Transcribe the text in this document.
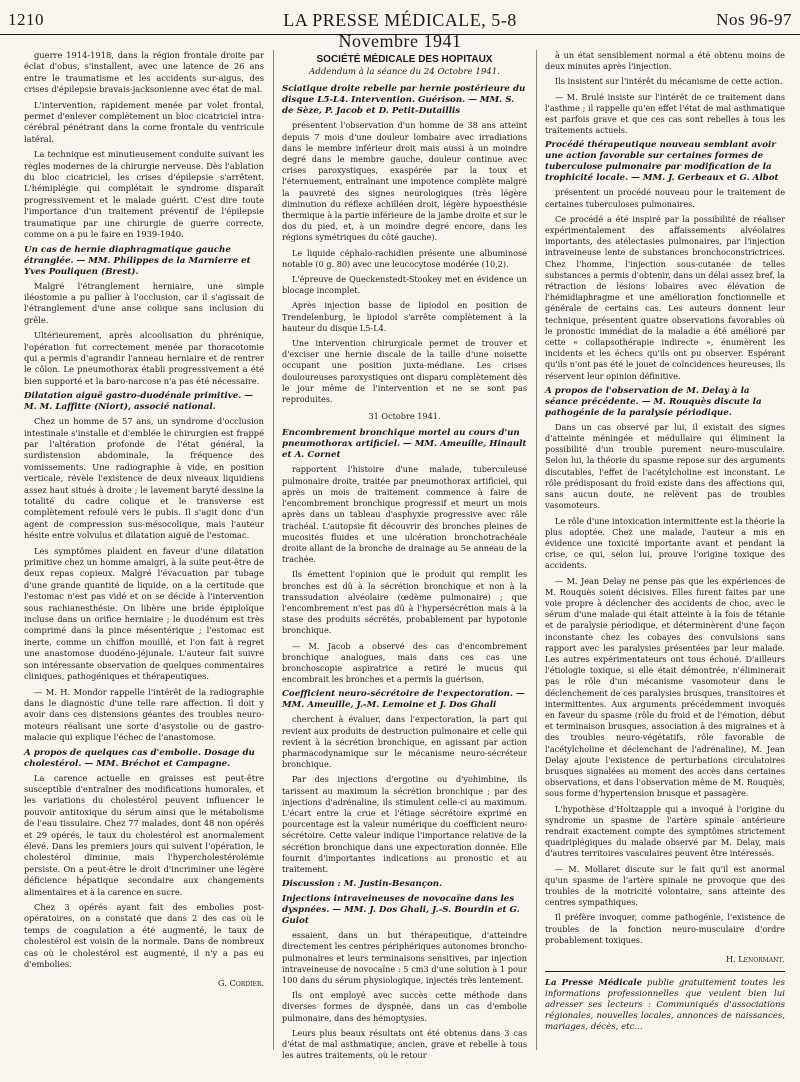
1210	LA PRESSE MÉDICALE, 5-8 Novembre 1941
Nos 96-97

guerre 1914-1918, dans la région frontale droite par éclat d'obus, s'installent, avec une latence de 26 ans entre le traumatisme et les accidents sur-aigus, des crises d'épilepsie bravais-jacksonienne avec état de mal.

L'intervention, rapidement menée par volet frontal, permet d'enlever complètement un bloc cicatriciel intra-cérébral pénétrant dans la corne frontale du ventricule latéral.

La technique est minutieusement conduite suivant les règles modernes de la chirurgie nerveuse. Dès l'ablation du bloc cicatriciel, les crises d'épilepsie s'arrêtent. L'hémiplégie qui complétait le syndrome disparaît progressivement et le malade guérit. C'est dire toute l'importance d'un traitement préventif de l'épilepsie traumatique par une chirurgie de guerre correcte, comme on a pu le faire en 1939-1940.

Un cas de hernie diaphragmatique gauche étranglée. — MM. Philippes de la Marnierre et Yves Pouliquen (Brest).

Malgré l'étranglement herniaire, une simple iléostomie a pu pallier à l'occlusion, car il s'agissait de l'étranglement d'une anse colique sans inclusion du grêle.

Ultérieurement, après alcoolisation du phrénique, l'opération fut correctement menée par thoracotomie qui a permis d'agrandir l'anneau herniaire et de rentrer le côlon. Le pneumothorax établi progressivement a été bien supporté et la baro-narcose n'a pas été nécessaire.

Dilatation aiguë gastro-duodénale primitive. — M. M. Laffitte (Niort), associé national.

Chez un homme de 57 ans, un syndrome d'occlusion intestinale s'installe et d'emblée le chirurgien est frappé par l'altération profonde de l'état général, la surdistension abdominale, la fréquence des vomissements. Une radiographie à vide, en position verticale, révèle l'existence de deux niveaux liquidiens assez haut situés à droite ; le lavement baryté dessine la totalité du cadre colique et le transverse est complètement refoulé vers le pubis. Il s'agit donc d'un agent de compression sus-mésocolique, mais l'auteur hésite entre volvulus et dilatation aiguë de l'estomac.

Les symptômes plaident en faveur d'une dilatation primitive chez un homme amaigri, à la suite peut-être de deux repas copieux. Malgré l'évacuation par tubage d'une grande quantité de liquide, on a la certitude que l'estomac n'est pas vidé et on se décide à l'intervention sous rachianesthésie. On libère une bride épiploïque incluse dans un orifice herniaire ; le duodénum est très comprimé dans la pince mésentérique ; l'estomac est inerte, comme un chiffon mouillé, et l'on fait à regret une anastomose duodéno-jéjunale. L'auteur fait suivre son intéressante observation de quelques commentaires cliniques, pathogéniques et thérapeutiques.

— M. H. Mondor rappelle l'intérêt de la radiographie dans le diagnostic d'une telle rare affection. Il doit y avoir dans ces distensions géantes des troubles neuro-moteurs réalisant une sorte d'asystolie ou de gastro-malacie qui explique l'échec de l'anastomose.

A propos de quelques cas d'embolie. Dosage du cholestérol. — MM. Bréchot et Campagne.

La carence actuelle en graisses est peut-être susceptible d'entraîner des modifications humorales, et les variations du cholestérol peuvent influencer le pouvoir antitoxique du sérum ainsi que le métabolisme de l'eau tissulaire. Chez 77 malades, dont 48 non opérés et 29 opérés, le taux du cholestérol est anormalement élevé. Dans les premiers jours qui suivent l'opération, le cholestérol diminue, mais l'hypercholestérolémie persiste. On a peut-être le droit d'incriminer une légère déficience hépatique secondaire aux changements alimentaires et à la carence en sucre.

Chez 3 opérés ayant fait des embolies post-opératoires, on a constaté que dans 2 des cas où le temps de coagulation a été augmenté, le taux de cholestérol est voisin de la normale. Dans de nombreux cas où le cholestérol est augmenté, il n'y a pas eu d'embolies.

G. Cordier.
SOCIÉTÉ MÉDICALE DES HOPITAUX
Addendum à la séance du 24 Octobre 1941.
Sciatique droite rebelle par hernie postérieure du disque L5-L4. Intervention. Guérison. — MM. S. de Sèze, P. Jacob et D. Petit-Dutaillis

présentent l'observation d'un homme de 38 ans atteint depuis 7 mois d'une douleur lombaire avec irradiations dans le membre inférieur droit mais aussi à un moindre degré dans le membre gauche, douleur continue avec crises paroxystiques, exaspérée par la toux et l'éternuement, entraînant une impotence complète malgré la pauvreté des signes neurologiques (très légère diminution du réflexe achilléen droit, légère hypoesthésie thermique à la partie inférieure de la jambe droite et sur le dos du pied, et, à un moindre degré encore, dans les régions symétriques du côté gauche).

Le liquide céphalo-rachidien présente une albuminose notable (0 g. 80) avec une leucocytose modérée (10,2).

L'épreuve de Queckenstedt-Stookey met en évidence un blocage incomplet.

Après injection basse de lipiodol en position de Trendelenburg, le lipiodol s'arrête complètement à la hauteur du disque L5-L4.

Une intervention chirurgicale permet de trouver et d'exciser une hernie discale de la taille d'une noisette occupant une position juxta-médiane. Les crises douloureuses paroxystiques ont disparu complètement dès le jour même de l'intervention et ne se sont pas reproduites.

31 Octobre 1941.
Encombrement bronchique mortel au cours d'un pneumothorax artificiel. — MM. Ameuille, Hinault et A. Cornet

rapportent l'histoire d'une malade, tuberculeuse pulmonaire droite, traitée par pneumothorax artificiel, qui après un mois de traitement commence à faire de l'encombrement bronchique progressif et meurt un mois après dans un tableau d'asphyxie progressive avec râle trachéal. L'autopsie fit découvrir des bronches pleines de mucosités fluides et une ulcération bronchotrachéale droite allant de la bronche de drainage au 5e anneau de la trachée.

Ils émettent l'opinion que le produit qui remplit les bronches est dû à la sécrétion bronchique et non à la transsudation alvéolaire (œdème pulmonaire) ; que l'encombrement n'est pas dû à l'hypersécrétion mais à la stase des produits sécrétés, probablement par hypotonie bronchique.

— M. Jacob a observé des cas d'encombrement bronchique analogues, mais dans ces cas une bronchoscopie aspiratrice a retiré le mucus qui encombrait les bronches et a permis la guérison.

Coefficient neuro-sécrétoire de l'expectoration. — MM. Ameuille, J.-M. Lemoine et J. Dos Ghali

cherchent à évaluer, dans l'expectoration, la part qui revient aux produits de destruction pulmonaire et celle qui revient à la sécrétion bronchique, en agissant par action pharmacodynamique sur le mécanisme neuro-sécréteur bronchique.

Par des injections d'ergotine ou d'yohimbine, ils tarissent au maximum la sécrétion bronchique ; par des injections d'adrénaline, ils stimulent celle-ci au maximum. L'écart entre la crue et l'étiage sécrétoire exprimé en pourcentage est la valeur numérique du coefficient neuro-sécrétoire. Cette valeur indique l'importance relative de la sécrétion bronchique dans une expectoration donnée. Elle fournit d'importantes indications au pronostic et au traitement.

Discussion : M. Justin-Besançon.
Injections intraveineuses de novocaïne dans les dyspnées. — MM. J. Dos Ghali, J.-S. Bourdin et G. Guiot

essaient, dans un but thérapeutique, d'atteindre directement les centres périphériques autonomes broncho-pulmonaires et leurs terminaisons sensitives, par injection intraveineuse de novocaïne : 5 cm3 d'une solution à 1 pour 100 dans du sérum physiologique, injectés très lentement.

Ils ont employé avec succès cette méthode dans diverses formes de dyspnée, dans un cas d'embolie pulmonaire, dans des hémoptysies.

Leurs plus beaux résultats ont été obtenus dans 3 cas d'état de mal asthmatique, ancien, grave et rebelle à tous les autres traitements, où le retour

à un état sensiblement normal a été obtenu moins de deux minutes après l'injection.

Ils insistent sur l'intérêt du mécanisme de cette action.

— M. Brulé insiste sur l'intérêt de ce traitement dans l'asthme ; il rappelle qu'en effet l'état de mal asthmatique est parfois grave et que ces cas sont rebelles à tous les traitements actuels.

Procédé thérapeutique nouveau semblant avoir une action favorable sur certaines formes de tuberculose pulmonaire par modification de la trophicité locale. — MM. J. Gerbeaux et G. Albot

présentent un procédé nouveau pour le traitement de certaines tuberculoses pulmonaires.

Ce procédé a été inspiré par la possibilité de réaliser expérimentalement des affaissements alvéolaires importants, des atélectasies pulmonaires, par l'injection intraveineuse lente de substances bronchoconstrictrices. Chez l'homme, l'injection sous-cutanée de telles substances a permis d'obtenir, dans un délai assez bref, la rétraction de lésions lobaires avec élévation de l'hémidiaphragme et une amélioration fonctionnelle et générale de certains cas. Les auteurs donnent leur technique, présentent quatre observations favorables où le pronostic immédiat de la maladie a été amélioré par cette « collapsothérapie indirecte », énumèrent les incidents et les échecs qu'ils ont pu observer. Espérant qu'ils n'ont pas été le jouet de coïncidences heureuses, ils réservent leur opinion définitive.

A propos de l'observation de M. Delay à la séance précédente. — M. Rouquès discute la pathogénie de la paralysie périodique.

Dans un cas observé par lui, il existait des signes d'atteinte méningée et médullaire qui éliminent la possibilité d'un trouble purement neuro-musculaire. Selon lui, la théorie du spasme repose sur des arguments discutables, l'effet de l'acétylcholine est inconstant. Le rôle prédisposant du froid existe dans des affections qui, sans aucun doute, ne relèvent pas de troubles vasomoteurs.

Le rôle d'une intoxication intermittente est la théorie la plus adoptée. Chez une malade, l'auteur a mis en évidence une toxicité importante avant et pendant la crise, ce qui, selon lui, prouve l'origine toxique des accidents.

— M. Jean Delay ne pense pas que les expériences de M. Rouquès soient décisives. Elles furent faites par une voie propre à déclencher des accidents de choc, avec le sérum d'une malade qui était atteinte à la fois de tétanie et de paralysie périodique, et déterminèrent d'une façon inconstante chez les cobayes des convulsions sans rapport avec les paralysies présentées par leur malade. Les autres expérimentateurs ont tous échoué. D'ailleurs l'étiologie toxique, si elle était démontrée, n'éliminerait pas le rôle d'un mécanisme vasomoteur dans le déclenchement de ces paralysies brusques, transitoires et intermittentes. Aux arguments précédemment invoqués en faveur du spasme (rôle du froid et de l'émotion, début et terminaison brusques, association à des migraines et à des troubles neuro-végétatifs, rôle favorable de l'acétylcholine et déclenchant de l'adrénaline), M. Jean Delay ajoute l'existence de perturbations circulatoires brusques signalées au moment des accès dans certaines observations, et dans l'observation même de M. Rouquès, sous forme d'hypertension brusque et passagère.

L'hypothèse d'Holtzapple qui a invoqué à l'origine du syndrome un spasme de l'artère spinale antérieure rendrait exactement compte des symptômes strictement quadriplégiques du malade observé par M. Delay, mais d'autres territoires vasculaires peuvent être intéressés.

— M. Mollaret discute sur le fait qu'il est anormal qu'un spasme de l'artère spinale ne provoque que des troubles de la motricité volontaire, sans atteinte des centres sympathiques.

Il préfère invoquer, comme pathogénie, l'existence de troubles de la fonction neuro-musculaire d'ordre probablement toxiques.

H. Lenormant.
La Presse Médicale publie gratuitement toutes les informations professionnelles que veulent bien lui adresser ses lecteurs : Communiqués d'associations régionales, nouvelles locales, annonces de naissances, mariages, décès, etc...
